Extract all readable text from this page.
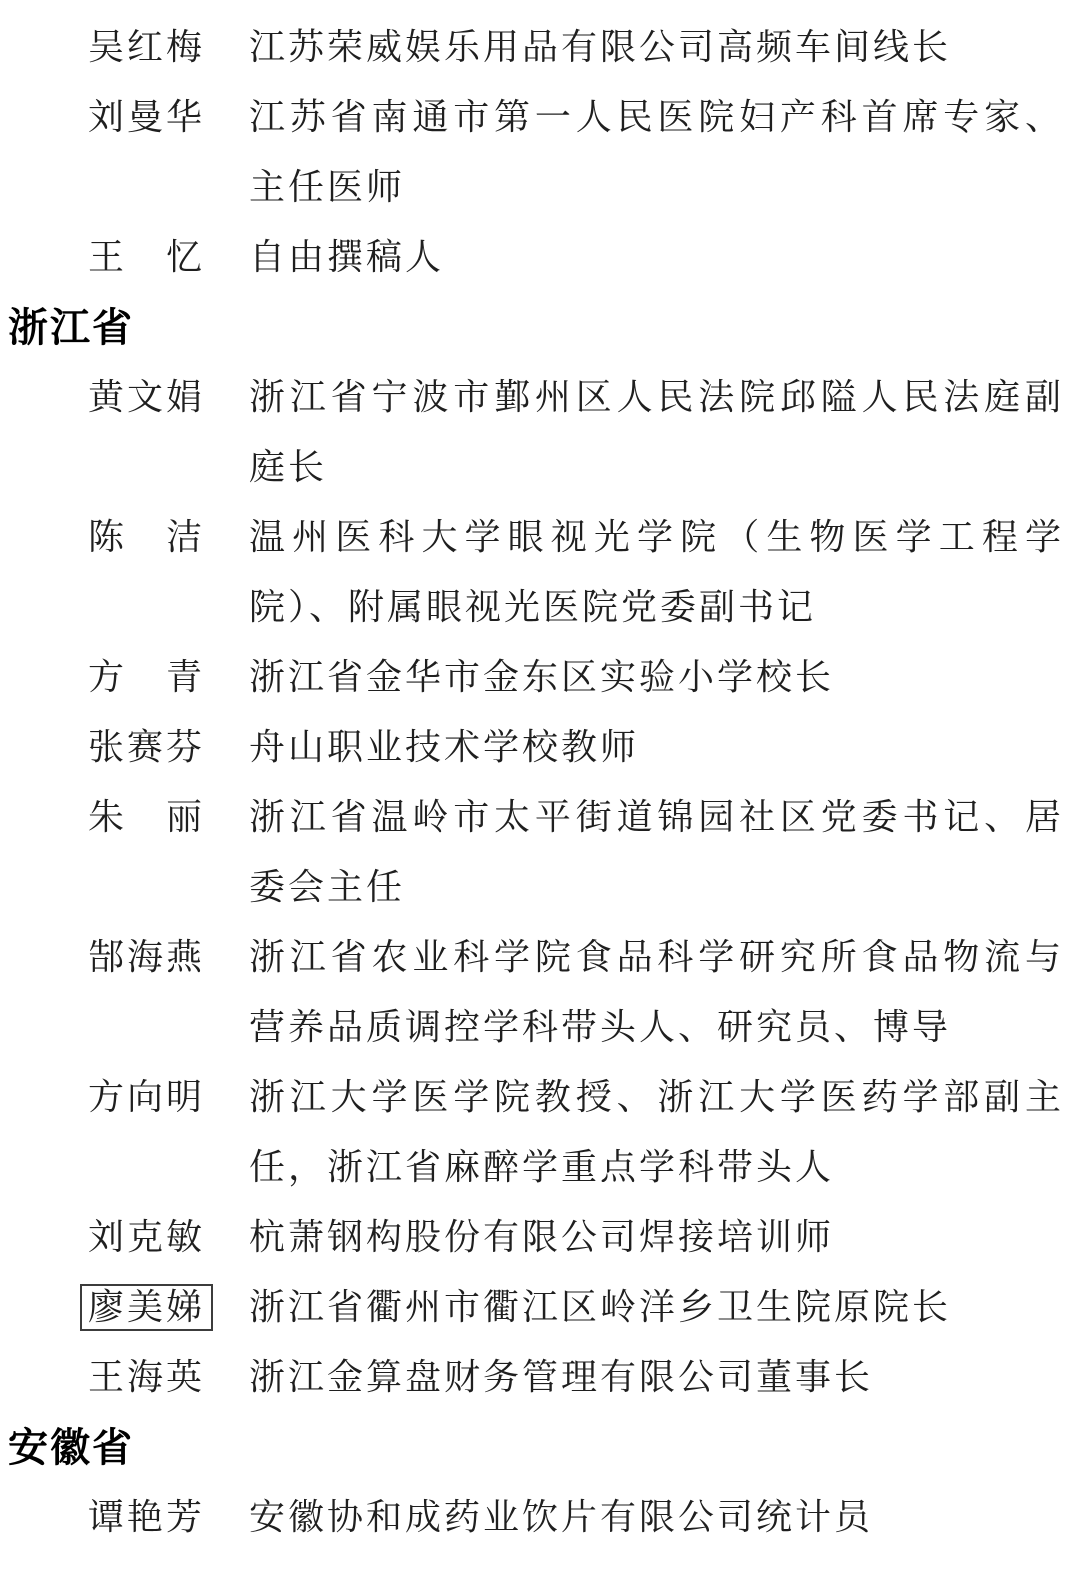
吴红梅 江苏荣威娱乐用品有限公司高频车间线长
刘曼华 江苏省南通市第一人民医院妇产科首席专家、主任医师
王　忆 自由撰稿人
浙江省
黄文娟 浙江省宁波市鄞州区人民法院邱隘人民法庭副庭长
陈　洁 温州医科大学眼视光学院（生物医学工程学院）、附属眼视光医院党委副书记
方　青 浙江省金华市金东区实验小学校长
张赛芬 舟山职业技术学校教师
朱　丽 浙江省温岭市太平街道锦园社区党委书记、居委会主任
郜海燕 浙江省农业科学院食品科学研究所食品物流与营养品质调控学科带头人、研究员、博导
方向明 浙江大学医学院教授、浙江大学医药学部副主任，浙江省麻醉学重点学科带头人
刘克敏 杭萧钢构股份有限公司焊接培训师
廖美娣 浙江省衢州市衢江区岭洋乡卫生院原院长
王海英 浙江金算盘财务管理有限公司董事长
安徽省
谭艳芳 安徽协和成药业饮片有限公司统计员
